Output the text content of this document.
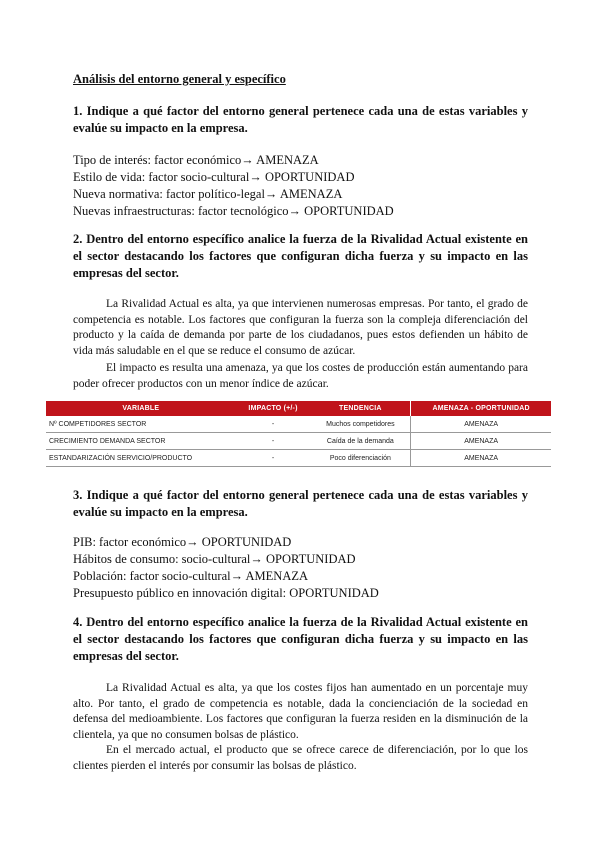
Análisis del entorno general y específico
1. Indique a qué factor del entorno general pertenece cada una de estas variables y evalúe su impacto en la empresa.
Tipo de interés: factor económico→ AMENAZA
Estilo de vida: factor socio-cultural→ OPORTUNIDAD
Nueva normativa: factor político-legal→ AMENAZA
Nuevas infraestructuras: factor tecnológico→ OPORTUNIDAD
2. Dentro del entorno específico analice la fuerza de la Rivalidad Actual existente en el sector destacando los factores que configuran dicha fuerza y su impacto en las empresas del sector.

La Rivalidad Actual es alta, ya que intervienen numerosas empresas. Por tanto, el grado de competencia es notable. Los factores que configuran la fuerza son la compleja diferenciación del producto y la caída de demanda por parte de los ciudadanos, pues estos defienden un hábito de vida más saludable en el que se reduce el consumo de azúcar.

El impacto es resulta una amenaza, ya que los costes de producción están aumentando para poder ofrecer productos con un menor índice de azúcar.

VARIABLE	IMPACTO (+/-)	TENDENCIA	AMENAZA - OPORTUNIDAD
Nº COMPETIDORES SECTOR	-	Muchos competidores	AMENAZA
CRECIMIENTO DEMANDA SECTOR	-	Caída de la demanda	AMENAZA
ESTANDARIZACIÓN SERVICIO/PRODUCTO	-	Poco diferenciación	AMENAZA
3. Indique a qué factor del entorno general pertenece cada una de estas variables y evalúe su impacto en la empresa.
PIB: factor económico→ OPORTUNIDAD
Hábitos de consumo: socio-cultural→ OPORTUNIDAD
Población: factor socio-cultural→ AMENAZA
Presupuesto público en innovación digital: OPORTUNIDAD
4. Dentro del entorno específico analice la fuerza de la Rivalidad Actual existente en el sector destacando los factores que configuran dicha fuerza y su impacto en las empresas del sector.

La Rivalidad Actual es alta, ya que los costes fijos han aumentado en un porcentaje muy alto. Por tanto, el grado de competencia es notable, dada la concienciación de la sociedad en defensa del medioambiente. Los factores que configuran la fuerza residen en la disminución de la clientela, ya que no consumen bolsas de plástico.

En el mercado actual, el producto que se ofrece carece de diferenciación, por lo que los clientes pierden el interés por consumir las bolsas de plástico.
